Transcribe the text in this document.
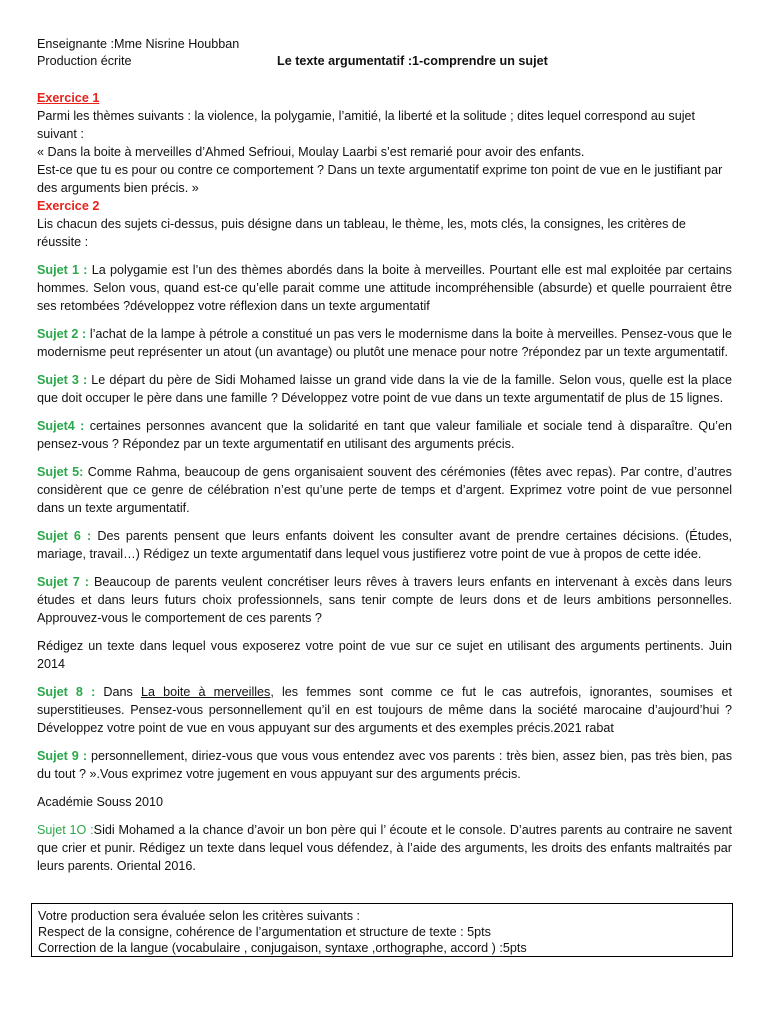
Enseignante :Mme Nisrine Houbban
Production écrite	Le texte argumentatif :1-comprendre un sujet

Exercice 1

Parmi les thèmes suivants : la violence, la polygamie, l’amitié, la liberté et la solitude ; dites lequel correspond au sujet suivant :

« Dans la boite à merveilles d’Ahmed Sefrioui, Moulay Laarbi s’est remarié pour avoir des enfants.

Est-ce que tu es pour ou contre ce comportement ? Dans un texte argumentatif exprime ton point de vue en le justifiant par des arguments bien précis. »

Exercice 2

Lis chacun des sujets ci-dessus, puis désigne dans un tableau, le thème, les, mots clés, la consignes, les critères de réussite :

Sujet 1 : La polygamie est l’un des thèmes abordés dans la boite à merveilles. Pourtant elle est mal exploitée par certains hommes. Selon vous, quand est-ce qu’elle parait comme une attitude incompréhensible (absurde) et quelle pourraient être ses retombées ?développez votre réflexion dans un texte argumentatif

Sujet 2 : l’achat de la lampe à pétrole a constitué un pas vers le modernisme dans la boite à merveilles. Pensez-vous que le modernisme peut représenter un atout (un avantage) ou plutôt une menace pour notre ?répondez par un texte argumentatif.

Sujet 3 : Le départ du père de Sidi Mohamed laisse un grand vide dans la vie de la famille. Selon vous, quelle est la place que doit occuper le père dans une famille ? Développez votre point de vue dans un texte argumentatif de plus de 15 lignes.

Sujet4 : certaines personnes avancent que la solidarité en tant que valeur familiale et sociale tend à disparaître. Qu’en pensez-vous ? Répondez par un texte argumentatif en utilisant des arguments précis.

Sujet 5: Comme Rahma, beaucoup de gens organisaient souvent des cérémonies (fêtes avec repas). Par contre, d’autres considèrent que ce genre de célébration n’est qu’une perte de temps et d’argent. Exprimez votre point de vue personnel dans un texte argumentatif.

Sujet 6 : Des parents pensent que leurs enfants doivent les consulter avant de prendre certaines décisions. (Études, mariage, travail…) Rédigez un texte argumentatif dans lequel vous justifierez votre point de vue à propos de cette idée.

Sujet 7 : Beaucoup de parents veulent concrétiser leurs rêves à travers leurs enfants en intervenant à excès dans leurs études et dans leurs futurs choix professionnels, sans tenir compte de leurs dons et de leurs ambitions personnelles. Approuvez-vous le comportement de ces parents ?

Rédigez un texte dans lequel vous exposerez votre point de vue sur ce sujet en utilisant des arguments pertinents. Juin 2014

Sujet 8 : Dans La boite à merveilles, les femmes sont comme ce fut le cas autrefois, ignorantes, soumises et superstitieuses. Pensez-vous personnellement qu’il en est toujours de même dans la société marocaine d’aujourd’hui ? Développez votre point de vue en vous appuyant sur des arguments et des exemples précis.2021 rabat

Sujet 9 : personnellement, diriez-vous que vous vous entendez avec vos parents : très bien, assez bien, pas très bien, pas du tout ? ».Vous exprimez votre jugement en vous appuyant sur des arguments précis.

Académie Souss 2010

Sujet 1O :Sidi Mohamed a la chance d’avoir un bon père qui l’ écoute et le console. D’autres parents au contraire ne savent que crier et punir. Rédigez un texte dans lequel vous défendez, à l’aide des arguments, les droits des enfants maltraités par leurs parents. Oriental 2016.

Votre production sera évaluée selon les critères suivants :
Respect de la consigne, cohérence de l’argumentation et structure de texte : 5pts
Correction de la langue (vocabulaire , conjugaison, syntaxe ,orthographe, accord ) :5pts
